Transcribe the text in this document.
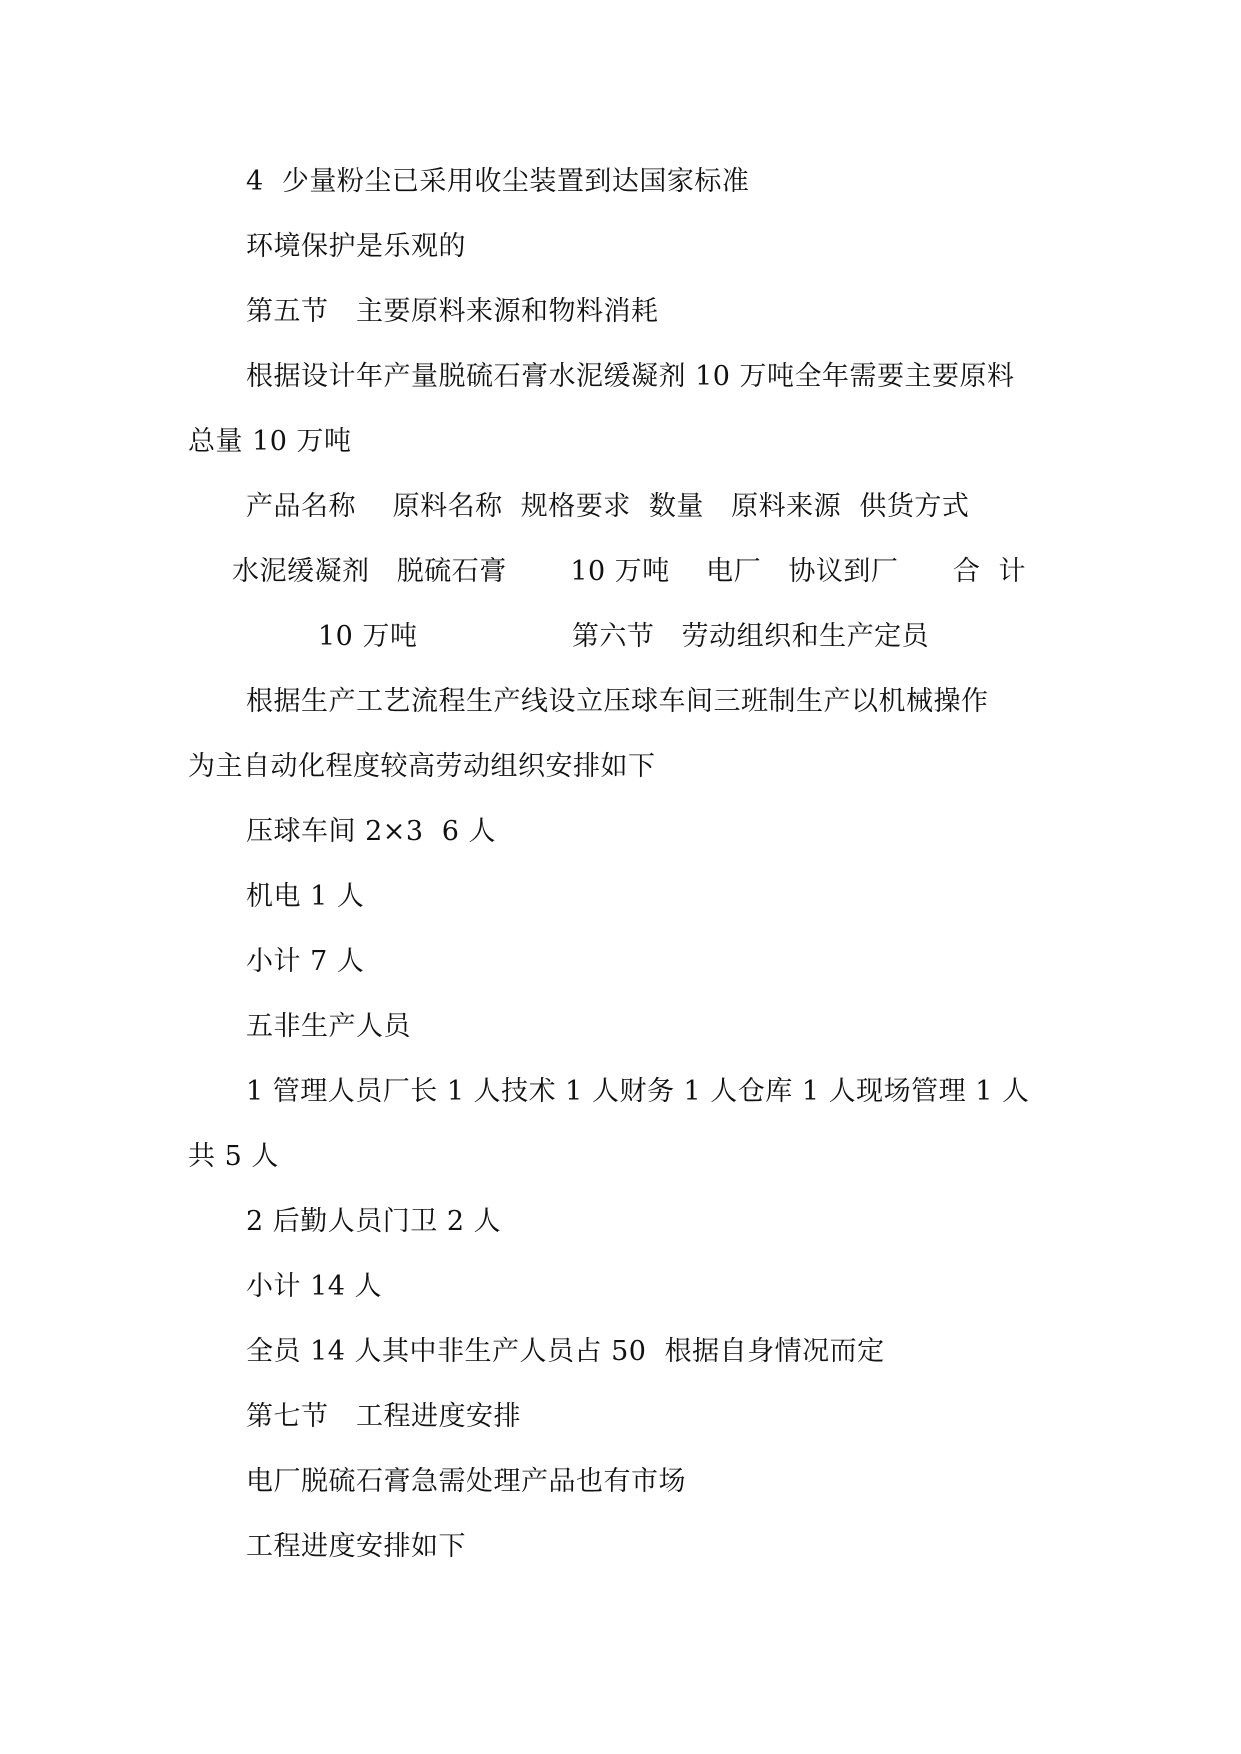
4  少量粉尘已采用收尘装置到达国家标准
环境保护是乐观的
第五节　主要原料来源和物料消耗
根据设计年产量脱硫石膏水泥缓凝剂 10 万吨全年需要主要原料
总量 10 万吨
产品名称　 原料名称  规格要求  数量   原料来源  供货方式
水泥缓凝剂   脱硫石膏       10 万吨    电厂   协议到厂      合  计
10 万吨                 第六节   劳动组织和生产定员
根据生产工艺流程生产线设立压球车间三班制生产以机械操作
为主自动化程度较高劳动组织安排如下
压球车间 2×3  6 人
机电 1 人
小计 7 人
五非生产人员
1 管理人员厂长 1 人技术 1 人财务 1 人仓库 1 人现场管理 1 人
共 5 人
2 后勤人员门卫 2 人
小计 14 人
全员 14 人其中非生产人员占 50  根据自身情况而定
第七节　工程进度安排
电厂脱硫石膏急需处理产品也有市场
工程进度安排如下
